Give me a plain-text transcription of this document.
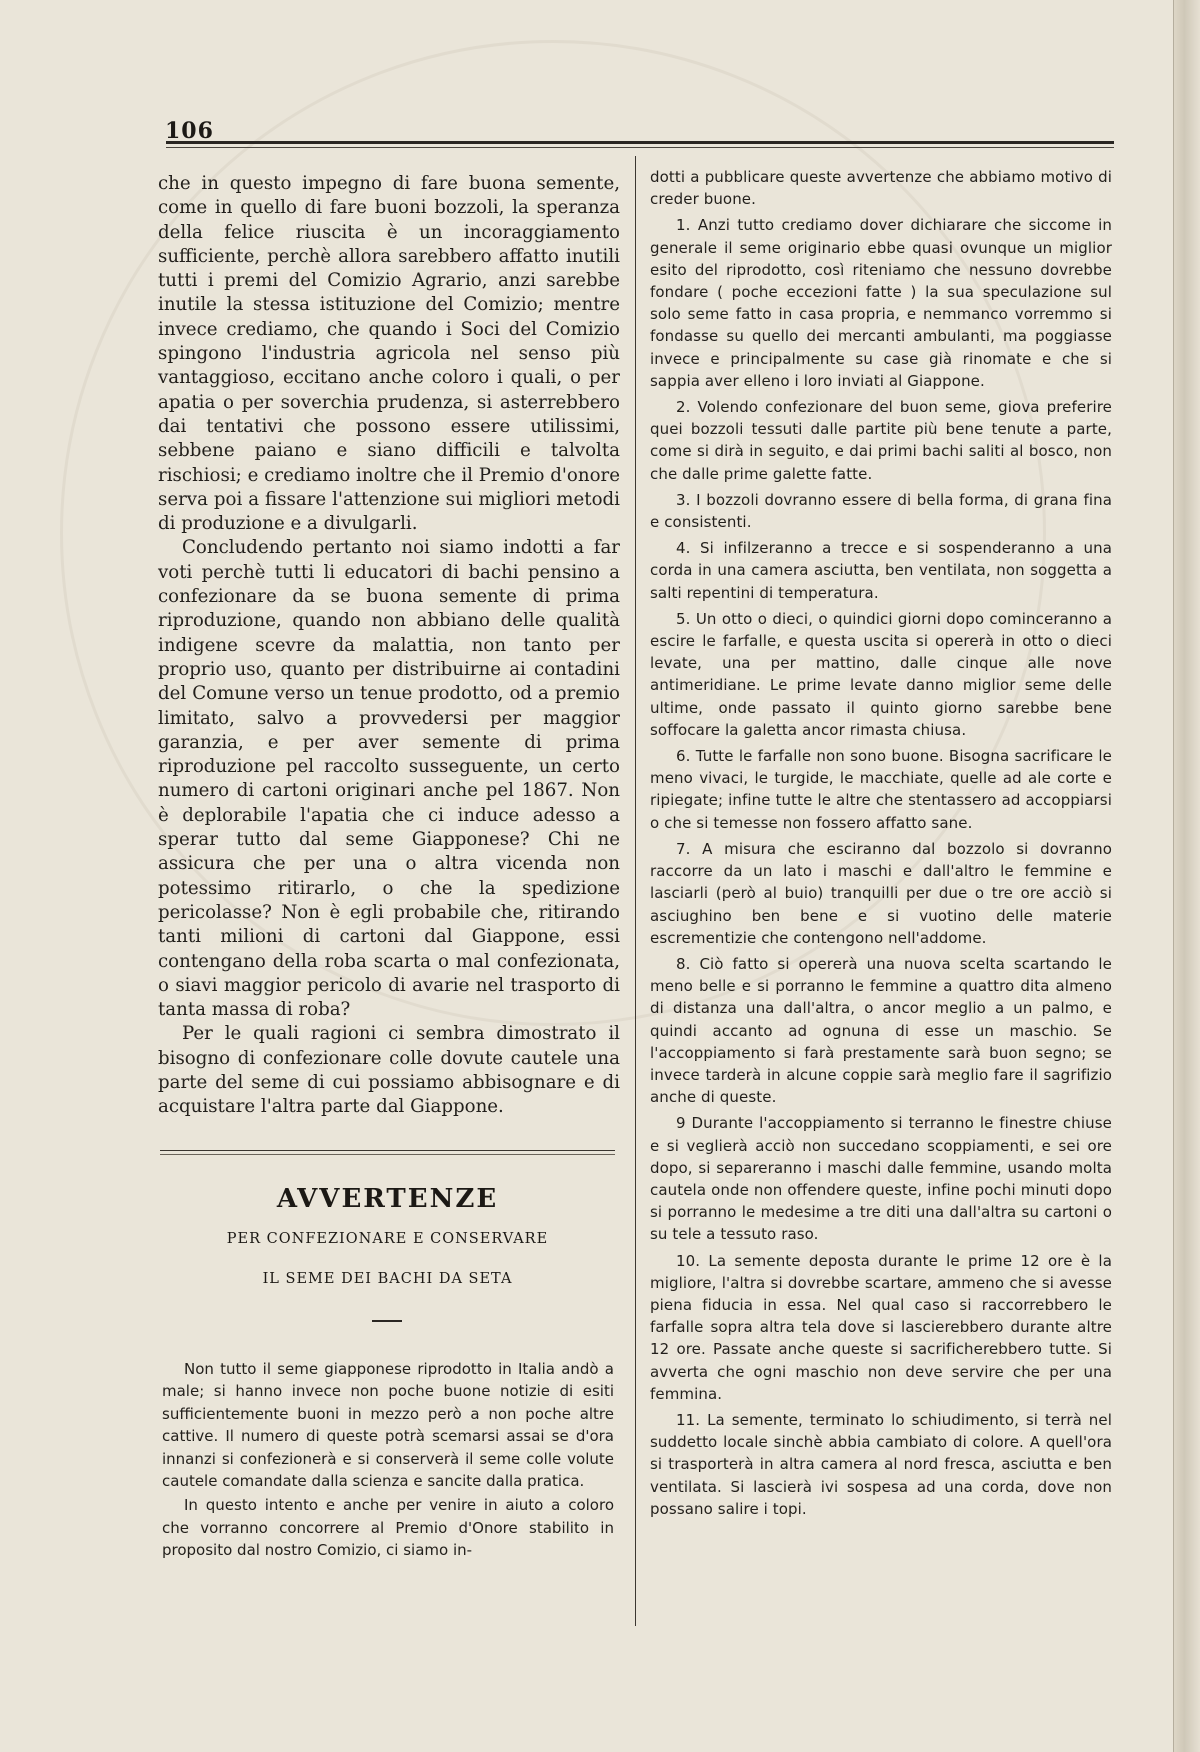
106

che in questo impegno di fare buona semente, come in quello di fare buoni bozzoli, la speranza della felice riuscita è un incoraggiamento sufficiente, perchè allora sarebbero affatto inutili tutti i premi del Comizio Agrario, anzi sarebbe inutile la stessa istituzione del Comizio; mentre invece crediamo, che quando i Soci del Comizio spingono l'industria agricola nel senso più vantaggioso, eccitano anche coloro i quali, o per apatia o per soverchia prudenza, si asterrebbero dai tentativi che possono essere utilissimi, sebbene paiano e siano difficili e talvolta rischiosi; e crediamo inoltre che il Premio d'onore serva poi a fissare l'attenzione sui migliori metodi di produzione e a divulgarli.

Concludendo pertanto noi siamo indotti a far voti perchè tutti li educatori di bachi pensino a confezionare da se buona semente di prima riproduzione, quando non abbiano delle qualità indigene scevre da malattia, non tanto per proprio uso, quanto per distribuirne ai contadini del Comune verso un tenue prodotto, od a premio limitato, salvo a provvedersi per maggior garanzia, e per aver semente di prima riproduzione pel raccolto susseguente, un certo numero di cartoni originari anche pel 1867. Non è deplorabile l'apatia che ci induce adesso a sperar tutto dal seme Giapponese? Chi ne assicura che per una o altra vicenda non potessimo ritirarlo, o che la spedizione pericolasse? Non è egli probabile che, ritirando tanti milioni di cartoni dal Giappone, essi contengano della roba scarta o mal confezionata, o siavi maggior pericolo di avarie nel trasporto di tanta massa di roba?

Per le quali ragioni ci sembra dimostrato il bisogno di confezionare colle dovute cautele una parte del seme di cui possiamo abbisognare e di acquistare l'altra parte dal Giappone.

AVVERTENZE
PER CONFEZIONARE E CONSERVARE
IL SEME DEI BACHI DA SETA

Non tutto il seme giapponese riprodotto in Italia andò a male; si hanno invece non poche buone notizie di esiti sufficientemente buoni in mezzo però a non poche altre cattive. Il numero di queste potrà scemarsi assai se d'ora innanzi si confezionerà e si conserverà il seme colle volute cautele comandate dalla scienza e sancite dalla pratica.

In questo intento e anche per venire in aiuto a coloro che vorranno concorrere al Premio d'Onore stabilito in proposito dal nostro Comizio, ci siamo in-

dotti a pubblicare queste avvertenze che abbiamo motivo di creder buone.

1. Anzi tutto crediamo dover dichiarare che siccome in generale il seme originario ebbe quasi ovunque un miglior esito del riprodotto, così riteniamo che nessuno dovrebbe fondare ( poche eccezioni fatte ) la sua speculazione sul solo seme fatto in casa propria, e nemmanco vorremmo si fondasse su quello dei mercanti ambulanti, ma poggiasse invece e principalmente su case già rinomate e che si sappia aver elleno i loro inviati al Giappone.

2. Volendo confezionare del buon seme, giova preferire quei bozzoli tessuti dalle partite più bene tenute a parte, come si dirà in seguito, e dai primi bachi saliti al bosco, non che dalle prime galette fatte.

3. I bozzoli dovranno essere di bella forma, di grana fina e consistenti.

4. Si infilzeranno a trecce e si sospenderanno a una corda in una camera asciutta, ben ventilata, non soggetta a salti repentini di temperatura.

5. Un otto o dieci, o quindici giorni dopo cominceranno a escire le farfalle, e questa uscita si opererà in otto o dieci levate, una per mattino, dalle cinque alle nove antimeridiane. Le prime levate danno miglior seme delle ultime, onde passato il quinto giorno sarebbe bene soffocare la galetta ancor rimasta chiusa.

6. Tutte le farfalle non sono buone. Bisogna sacrificare le meno vivaci, le turgide, le macchiate, quelle ad ale corte e ripiegate; infine tutte le altre che stentassero ad accoppiarsi o che si temesse non fossero affatto sane.

7. A misura che esciranno dal bozzolo si dovranno raccorre da un lato i maschi e dall'altro le femmine e lasciarli (però al buio) tranquilli per due o tre ore acciò si asciughino ben bene e si vuotino delle materie escrementizie che contengono nell'addome.

8. Ciò fatto si opererà una nuova scelta scartando le meno belle e si porranno le femmine a quattro dita almeno di distanza una dall'altra, o ancor meglio a un palmo, e quindi accanto ad ognuna di esse un maschio. Se l'accoppiamento si farà prestamente sarà buon segno; se invece tarderà in alcune coppie sarà meglio fare il sagrifizio anche di queste.

9 Durante l'accoppiamento si terranno le finestre chiuse e si veglierà acciò non succedano scoppiamenti, e sei ore dopo, si separeranno i maschi dalle femmine, usando molta cautela onde non offendere queste, infine pochi minuti dopo si porranno le medesime a tre diti una dall'altra su cartoni o su tele a tessuto raso.

10. La semente deposta durante le prime 12 ore è la migliore, l'altra si dovrebbe scartare, ammeno che si avesse piena fiducia in essa. Nel qual caso si raccorrebbero le farfalle sopra altra tela dove si lascierebbero durante altre 12 ore. Passate anche queste si sacrificherebbero tutte. Si avverta che ogni maschio non deve servire che per una femmina.

11. La semente, terminato lo schiudimento, si terrà nel suddetto locale sinchè abbia cambiato di colore. A quell'ora si trasporterà in altra camera al nord fresca, asciutta e ben ventilata. Si lascierà ivi sospesa ad una corda, dove non possano salire i topi.
